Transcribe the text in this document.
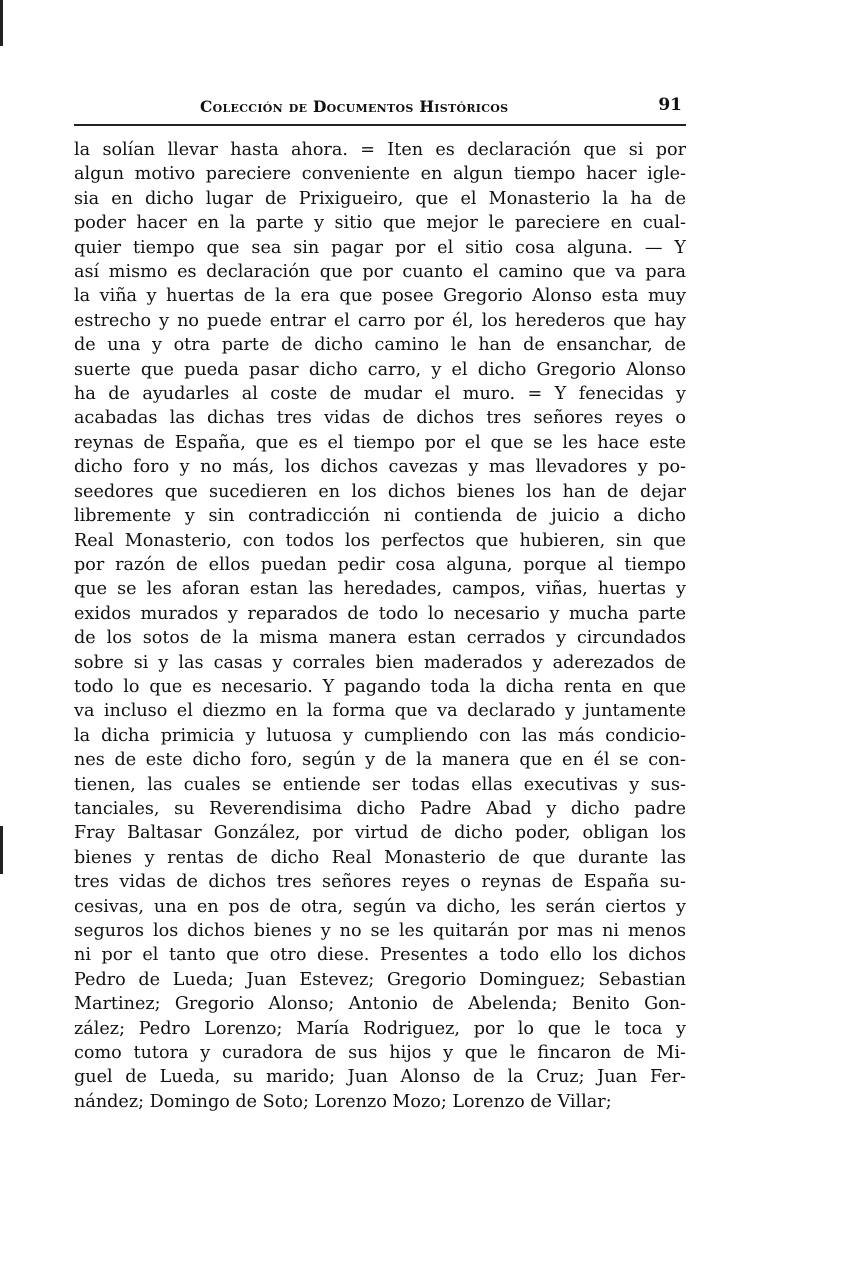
Colección de Documentos Históricos	91
la solían llevar hasta ahora. = Iten es declaración que si por
algun motivo pareciere conveniente en algun tiempo hacer igle-
sia en dicho lugar de Prixigueiro, que el Monasterio la ha de
poder hacer en la parte y sitio que mejor le pareciere en cual-
quier tiempo que sea sin pagar por el sitio cosa alguna. — Y
así mismo es declaración que por cuanto el camino que va para
la viña y huertas de la era que posee Gregorio Alonso esta muy
estrecho y no puede entrar el carro por él, los herederos que hay
de una y otra parte de dicho camino le han de ensanchar, de
suerte que pueda pasar dicho carro, y el dicho Gregorio Alonso
ha de ayudarles al coste de mudar el muro. = Y fenecidas y
acabadas las dichas tres vidas de dichos tres señores reyes o
reynas de España, que es el tiempo por el que se les hace este
dicho foro y no más, los dichos cavezas y mas llevadores y po-
seedores que sucedieren en los dichos bienes los han de dejar
libremente y sin contradicción ni contienda de juicio a dicho
Real Monasterio, con todos los perfectos que hubieren, sin que
por razón de ellos puedan pedir cosa alguna, porque al tiempo
que se les aforan estan las heredades, campos, viñas, huertas y
exidos murados y reparados de todo lo necesario y mucha parte
de los sotos de la misma manera estan cerrados y circundados
sobre si y las casas y corrales bien maderados y aderezados de
todo lo que es necesario. Y pagando toda la dicha renta en que
va incluso el diezmo en la forma que va declarado y juntamente
la dicha primicia y lutuosa y cumpliendo con las más condicio-
nes de este dicho foro, según y de la manera que en él se con-
tienen, las cuales se entiende ser todas ellas executivas y sus-
tanciales, su Reverendisima dicho Padre Abad y dicho padre
Fray Baltasar González, por virtud de dicho poder, obligan los
bienes y rentas de dicho Real Monasterio de que durante las
tres vidas de dichos tres señores reyes o reynas de España su-
cesivas, una en pos de otra, según va dicho, les serán ciertos y
seguros los dichos bienes y no se les quitarán por mas ni menos
ni por el tanto que otro diese. Presentes a todo ello los dichos
Pedro de Lueda; Juan Estevez; Gregorio Dominguez; Sebastian
Martinez; Gregorio Alonso; Antonio de Abelenda; Benito Gon-
zález; Pedro Lorenzo; María Rodriguez, por lo que le toca y
como tutora y curadora de sus hijos y que le fincaron de Mi-
guel de Lueda, su marido; Juan Alonso de la Cruz; Juan Fer-
nández; Domingo de Soto; Lorenzo Mozo; Lorenzo de Villar;
